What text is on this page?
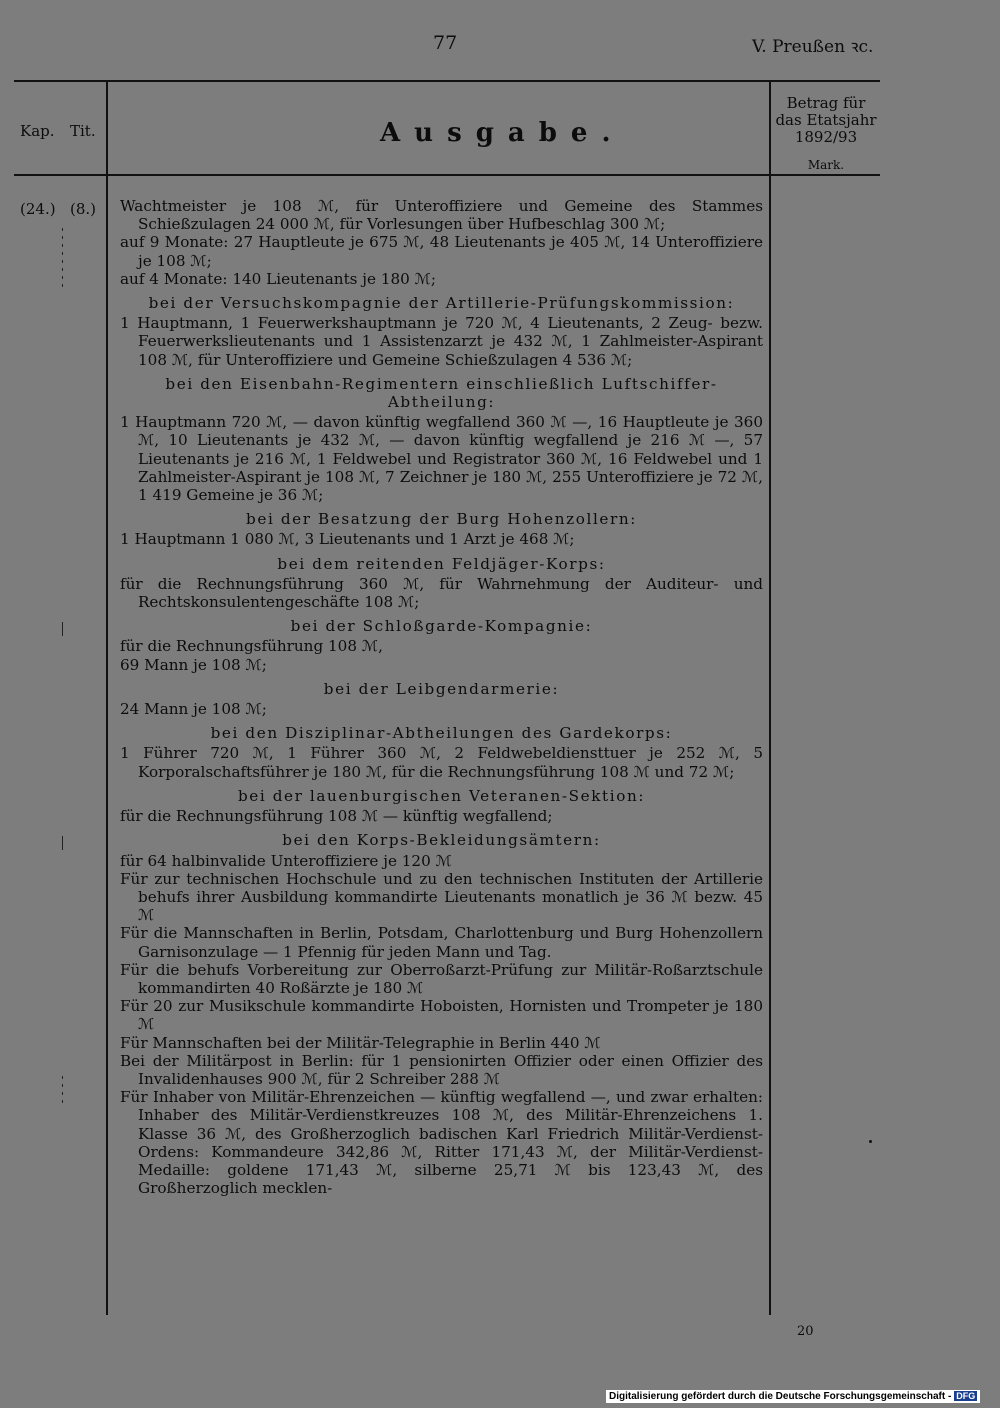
77	V. Preußen ꝛc.
Kap. Tit.	Ausgabe.
Betrag für das Etatsjahr 1892/93
Mark.
(24.) (8.) Wachtmeister je 108 ℳ, für Unteroffiziere und Gemeine des Stammes Schießzulagen 24 000 ℳ, für Vorlesungen über Hufbeschlag 300 ℳ;

auf 9 Monate: 27 Hauptleute je 675 ℳ, 48 Lieutenants je 405 ℳ, 14 Unteroffiziere je 108 ℳ;

auf 4 Monate: 140 Lieutenants je 180 ℳ;

bei der Versuchskompagnie der Artillerie-Prüfungskommission:

1 Hauptmann, 1 Feuerwerkshauptmann je 720 ℳ, 4 Lieutenants, 2 Zeug- bezw. Feuerwerkslieutenants und 1 Assistenzarzt je 432 ℳ, 1 Zahlmeister-Aspirant 108 ℳ, für Unteroffiziere und Gemeine Schießzulagen 4 536 ℳ;

bei den Eisenbahn-Regimentern einschließlich Luftschiffer-Abtheilung:

1 Hauptmann 720 ℳ, — davon künftig wegfallend 360 ℳ —, 16 Hauptleute je 360 ℳ, 10 Lieutenants je 432 ℳ, — davon künftig wegfallend je 216 ℳ —, 57 Lieutenants je 216 ℳ, 1 Feldwebel und Registrator 360 ℳ, 16 Feldwebel und 1 Zahlmeister-Aspirant je 108 ℳ, 7 Zeichner je 180 ℳ, 255 Unteroffiziere je 72 ℳ, 1 419 Gemeine je 36 ℳ;

bei der Besatzung der Burg Hohenzollern:

1 Hauptmann 1 080 ℳ, 3 Lieutenants und 1 Arzt je 468 ℳ;

bei dem reitenden Feldjäger-Korps:

für die Rechnungsführung 360 ℳ, für Wahrnehmung der Auditeur- und Rechtskonsulentengeschäfte 108 ℳ;

bei der Schloßgarde-Kompagnie:

für die Rechnungsführung 108 ℳ,

69 Mann je 108 ℳ;

bei der Leibgendarmerie:

24 Mann je 108 ℳ;

bei den Disziplinar-Abtheilungen des Gardekorps:

1 Führer 720 ℳ, 1 Führer 360 ℳ, 2 Feldwebeldiensttuer je 252 ℳ, 5 Korporalschaftsführer je 180 ℳ, für die Rechnungsführung 108 ℳ und 72 ℳ;

bei der lauenburgischen Veteranen-Sektion:

für die Rechnungsführung 108 ℳ — künftig wegfallend;

bei den Korps-Bekleidungsämtern:

für 64 halbinvalide Unteroffiziere je 120 ℳ

Für zur technischen Hochschule und zu den technischen Instituten der Artillerie behufs ihrer Ausbildung kommandirte Lieutenants monatlich je 36 ℳ bezw. 45 ℳ

Für die Mannschaften in Berlin, Potsdam, Charlottenburg und Burg Hohenzollern Garnisonzulage — 1 Pfennig für jeden Mann und Tag.

Für die behufs Vorbereitung zur Oberroßarzt-Prüfung zur Militär-Roßarztschule kommandirten 40 Roßärzte je 180 ℳ

Für 20 zur Musikschule kommandirte Hoboisten, Hornisten und Trompeter je 180 ℳ

Für Mannschaften bei der Militär-Telegraphie in Berlin 440 ℳ

Bei der Militärpost in Berlin: für 1 pensionirten Offizier oder einen Offizier des Invalidenhauses 900 ℳ, für 2 Schreiber 288 ℳ

Für Inhaber von Militär-Ehrenzeichen — künftig wegfallend —, und zwar erhalten: Inhaber des Militär-Verdienstkreuzes 108 ℳ, des Militär-Ehrenzeichens 1. Klasse 36 ℳ, des Großherzoglich badischen Karl Friedrich Militär-Verdienst-Ordens: Kommandeure 342,86 ℳ, Ritter 171,43 ℳ, der Militär-Verdienst-Medaille: goldene 171,43 ℳ, silberne 25,71 ℳ bis 123,43 ℳ, des Großherzoglich mecklen-

20
Digitalisierung gefördert durch die Deutsche Forschungsgemeinschaft - DFG
